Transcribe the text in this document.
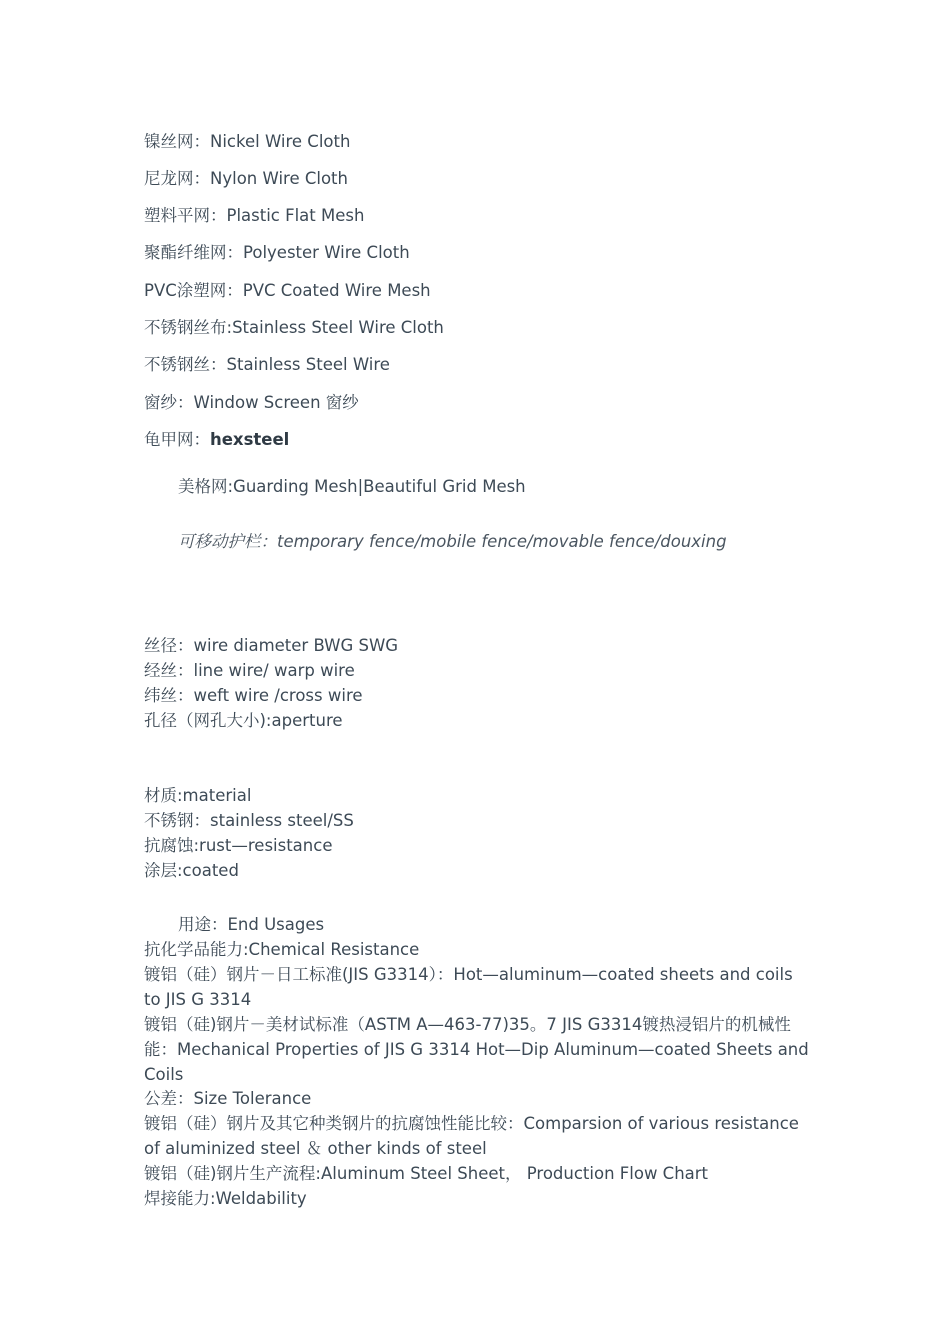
镍丝网：Nickel Wire Cloth
尼龙网：Nylon Wire Cloth
塑料平网：Plastic Flat Mesh
聚酯纤维网：Polyester Wire Cloth
PVC涂塑网：PVC Coated Wire Mesh
不锈钢丝布:Stainless Steel Wire Cloth
不锈钢丝：Stainless Steel Wire
窗纱：Window Screen 窗纱
龟甲网：hexsteel
美格网:Guarding Mesh|Beautiful Grid Mesh
可移动护栏：temporary fence/mobile fence/movable fence/douxing
丝径：wire diameter BWG SWG
经丝：line wire/ warp wire
纬丝：weft wire /cross wire
孔径（网孔大小):aperture
材质:material
不锈钢：stainless steel/SS
抗腐蚀:rust—resistance
涂层:coated
用途：End Usages
抗化学品能力:Chemical Resistance
镀铝（硅）钢片－日工标准(JIS G3314）：Hot—aluminum—coated sheets and coils to JIS G 3314
镀铝（硅)钢片－美材试标准（ASTM A—463-77)35。7 JIS G3314镀热浸铝片的机械性能：Mechanical Properties of JIS G 3314 Hot—Dip Aluminum—coated Sheets and Coils
公差：Size Tolerance
镀铝（硅）钢片及其它种类钢片的抗腐蚀性能比较：Comparsion of various resistance of aluminized steel ＆ other kinds of steel
镀铝（硅)钢片生产流程:Aluminum Steel Sheet， Production Flow Chart
焊接能力:Weldability
